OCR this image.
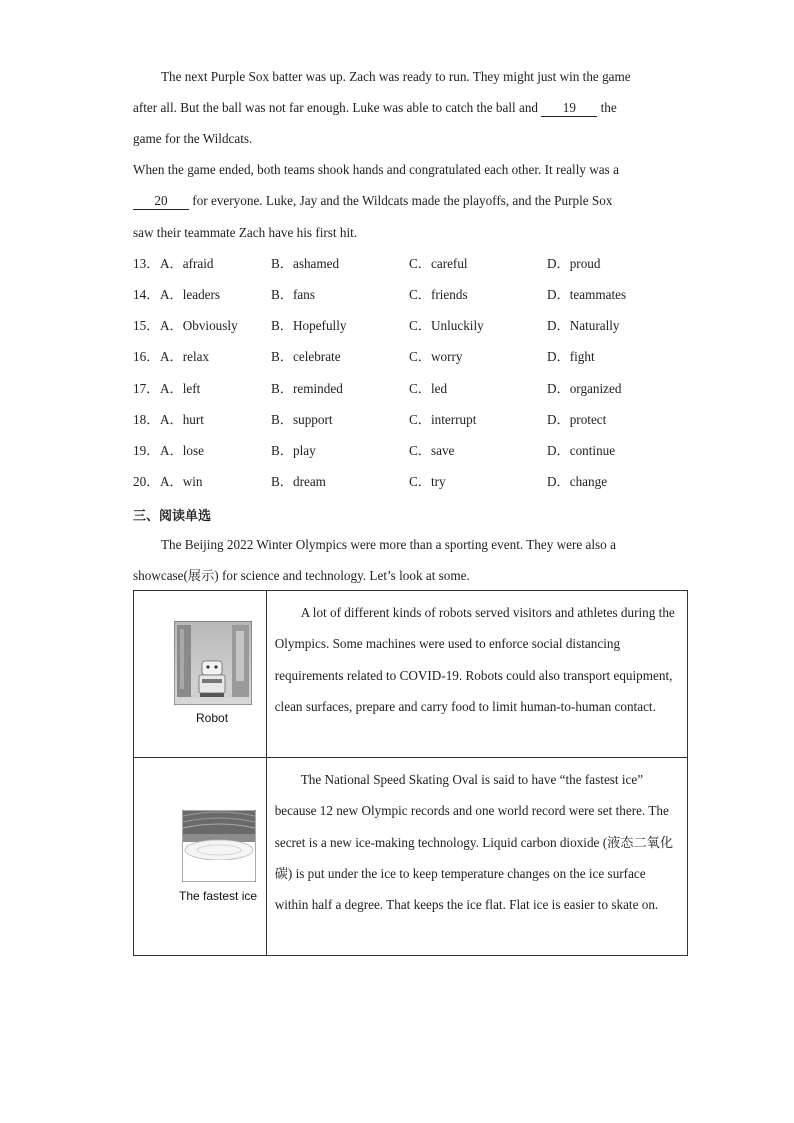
The next Purple Sox batter was up. Zach was ready to run. They might just win the game
after all. But the ball was not far enough. Luke was able to catch the ball and 19 the
game for the Wildcats.
When the game ended, both teams shook hands and congratulated each other. It really was a
20 for everyone. Luke, Jay and the Wildcats made the playoffs, and the Purple Sox
saw their teammate Zach have his first hit.
13． A．afraid	B．ashamed	C．careful	D．proud
14． A．leaders	B．fans	C．friends	D．teammates
15． A．Obviously	B．Hopefully	C．Unluckily	D．Naturally
16． A．relax	B．celebrate	C．worry	D．fight
17． A．left	B．reminded	C．led	D．organized
18． A．hurt	B．support	C．interrupt	D．protect
19． A．lose	B．play	C．save	D．continue
20． A．win	B．dream	C．try	D．change
三、阅读单选
The Beijing 2022 Winter Olympics were more than a sporting event. They were also a
showcase(展示) for science and technology. Let’s look at some.
Robot	A lot of different kinds of robots served visitors and athletes during the Olympics. Some machines were used to enforce social distancing requirements related to COVID-19. Robots could also transport equipment, clean surfaces, prepare and carry food to limit human-to-human contact.

The fastest ice	The National Speed Skating Oval is said to have “the fastest ice” because 12 new Olympic records and one world record were set there. The secret is a new ice-making technology. Liquid carbon dioxide (液态二氧化碳) is put under the ice to keep temperature changes on the ice surface within half a degree. That keeps the ice flat. Flat ice is easier to skate on.
